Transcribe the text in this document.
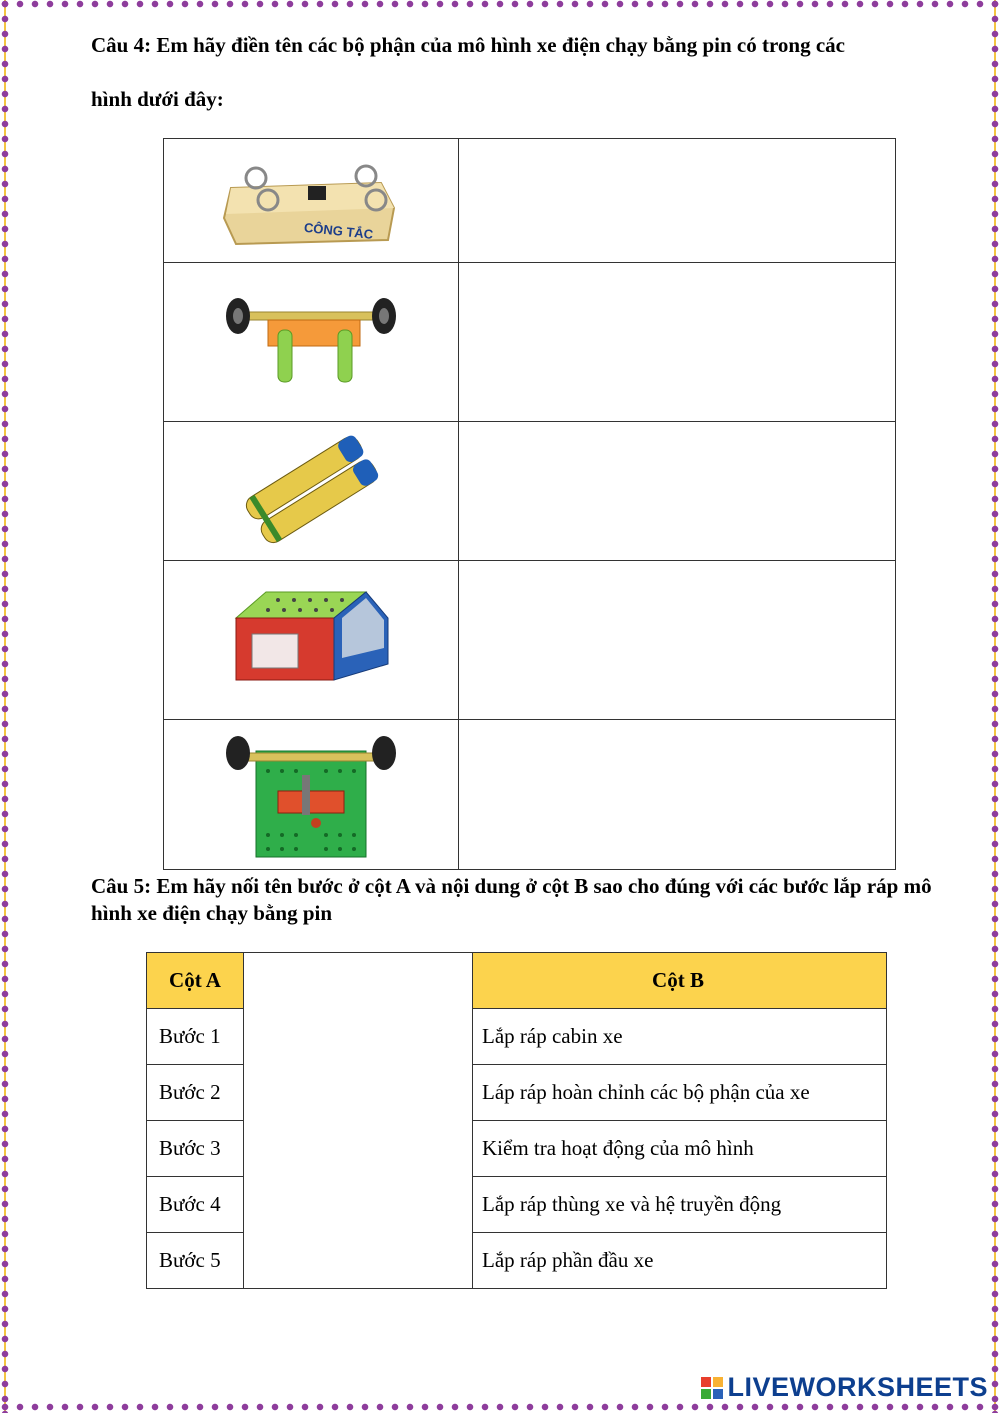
Câu 4: Em hãy điền tên các bộ phận của mô hình xe điện chạy bằng pin có trong các
hình dưới đây:
CÔNG TẮC

Câu 5: Em hãy nối tên bước ở cột A và nội dung ở cột B sao cho đúng với các bước lắp ráp mô hình xe điện chạy bằng pin
Cột A		Cột B
Bước 1		Lắp ráp cabin xe
Bước 2		Láp ráp hoàn chỉnh các bộ phận của xe
Bước 3		Kiểm tra hoạt động của mô hình
Bước 4		Lắp ráp thùng xe và hệ truyền động
Bước 5		Lắp ráp phần đầu xe
LIVEWORKSHEETS
